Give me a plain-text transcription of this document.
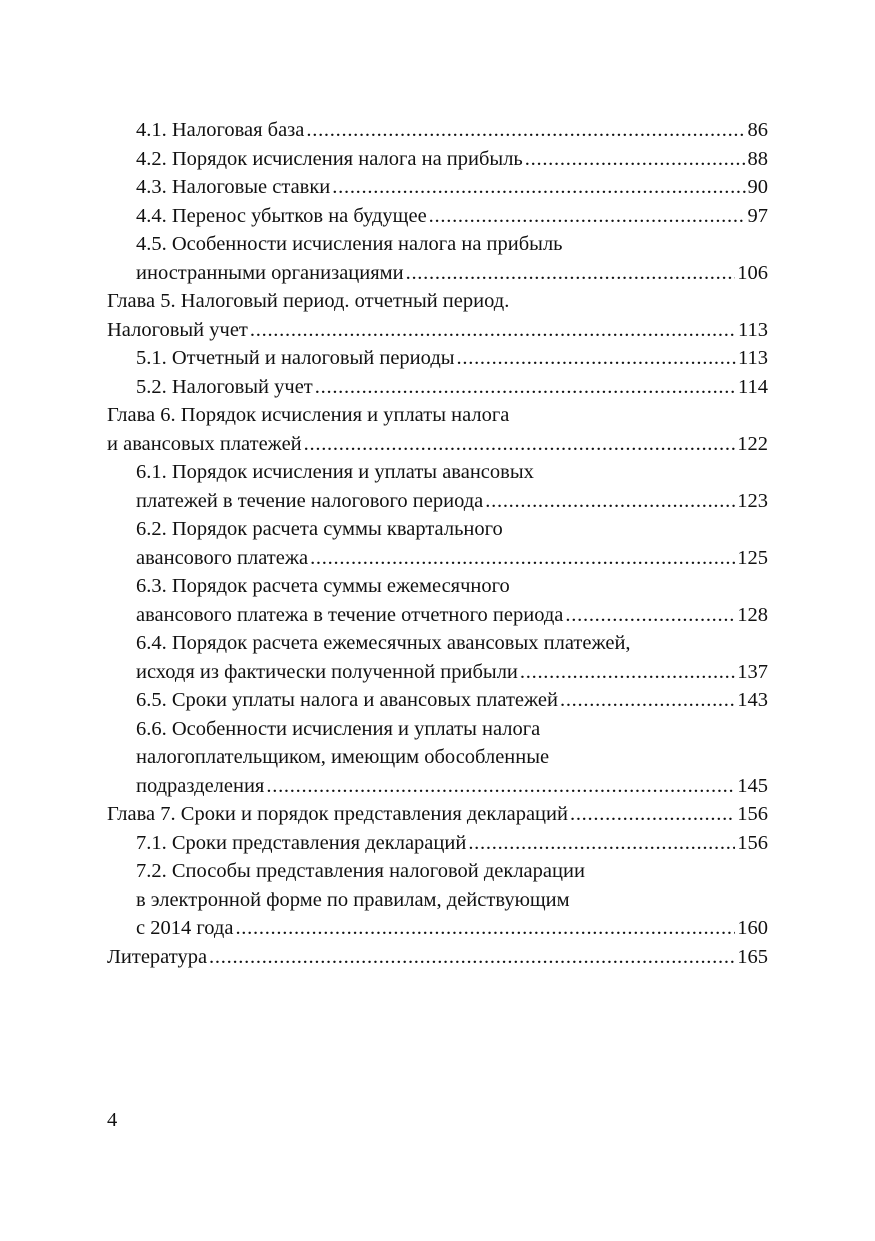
4.1. Налоговая база . . .	86
4.2. Порядок исчисления налога на прибыль . . .	88
4.3. Налоговые ставки . . .	90
4.4. Перенос убытков на будущее . . .	97
4.5. Особенности исчисления налога на прибыль
иностранными организациями . . .	106
Глава 5. Налоговый период. отчетный период.
Налоговый учет . . .	113
5.1. Отчетный и налоговый периоды . . .	113
5.2. Налоговый учет . . .	114
Глава 6. Порядок исчисления и уплаты налога
и авансовых платежей . . .	122
6.1. Порядок исчисления и уплаты авансовых
платежей в течение налогового периода . . .	123
6.2. Порядок расчета суммы квартального
авансового платежа . . .	125
6.3. Порядок расчета суммы ежемесячного
авансового платежа в течение отчетного периода . . .	128
6.4. Порядок расчета ежемесячных авансовых платежей,
исходя из фактически полученной прибыли . . .	137
6.5. Сроки уплаты налога и авансовых платежей . . .	143
6.6. Особенности исчисления и уплаты налога
налогоплательщиком, имеющим обособленные
подразделения . . .	145
Глава 7. Сроки и порядок представления деклараций . . .	156
7.1. Сроки представления деклараций . . .	156
7.2. Способы представления налоговой декларации
в электронной форме по правилам, действующим
с 2014 года . . .	160
Литература . . .	165
4
